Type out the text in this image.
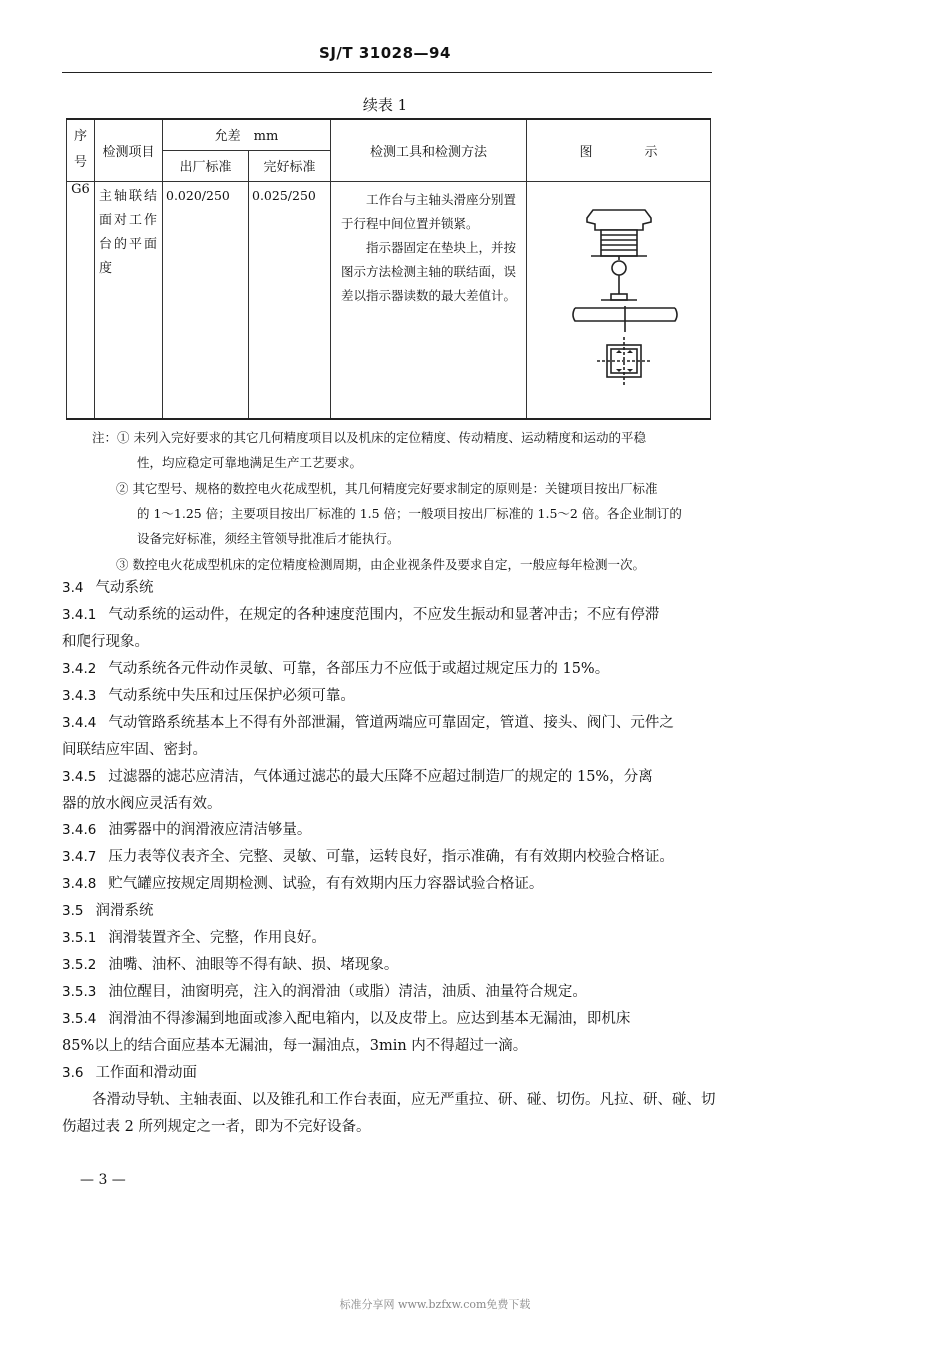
SJ/T 31028—94
续表 1
序号	检测项目	允差　mm		检测工具和检测方法	图　　　　示
		出厂标准	完好标准		
G6	主轴联结面对工作台的平面度	0.020/250	0.025/250	工作台与主轴头滑座分别置于行程中间位置并锁紧。

指示器固定在垫块上，并按图示方法检测主轴的联结面，误差以指示器读数的最大差值计。

注：① 未列入完好要求的其它几何精度项目以及机床的定位精度、传动精度、运动精度和运动的平稳
性，均应稳定可靠地满足生产工艺要求。
② 其它型号、规格的数控电火花成型机，其几何精度完好要求制定的原则是：关键项目按出厂标准
的 1～1.25 倍；主要项目按出厂标准的 1.5 倍；一般项目按出厂标准的 1.5～2 倍。各企业制订的
设备完好标准，须经主管领导批准后才能执行。
③ 数控电火花成型机床的定位精度检测周期，由企业视条件及要求自定，一般应每年检测一次。
3.4 气动系统
3.4.1 气动系统的运动件，在规定的各种速度范围内，不应发生振动和显著冲击；不应有停滞
和爬行现象。
3.4.2 气动系统各元件动作灵敏、可靠，各部压力不应低于或超过规定压力的 15%。
3.4.3 气动系统中失压和过压保护必须可靠。
3.4.4 气动管路系统基本上不得有外部泄漏，管道两端应可靠固定，管道、接头、阀门、元件之
间联结应牢固、密封。
3.4.5 过滤器的滤芯应清洁，气体通过滤芯的最大压降不应超过制造厂的规定的 15%，分离
器的放水阀应灵活有效。
3.4.6 油雾器中的润滑液应清洁够量。
3.4.7 压力表等仪表齐全、完整、灵敏、可靠，运转良好，指示准确，有有效期内校验合格证。
3.4.8 贮气罐应按规定周期检测、试验，有有效期内压力容器试验合格证。
3.5 润滑系统
3.5.1 润滑装置齐全、完整，作用良好。
3.5.2 油嘴、油杯、油眼等不得有缺、损、堵现象。
3.5.3 油位醒目，油窗明亮，注入的润滑油（或脂）清洁，油质、油量符合规定。
3.5.4 润滑油不得渗漏到地面或渗入配电箱内，以及皮带上。应达到基本无漏油，即机床
85%以上的结合面应基本无漏油，每一漏油点，3min 内不得超过一滴。
3.6 工作面和滑动面
各滑动导轨、主轴表面、以及锥孔和工作台表面，应无严重拉、研、碰、切伤。凡拉、研、碰、切
伤超过表 2 所列规定之一者，即为不完好设备。
— 3 —
标准分享网 www.bzfxw.com免费下载
